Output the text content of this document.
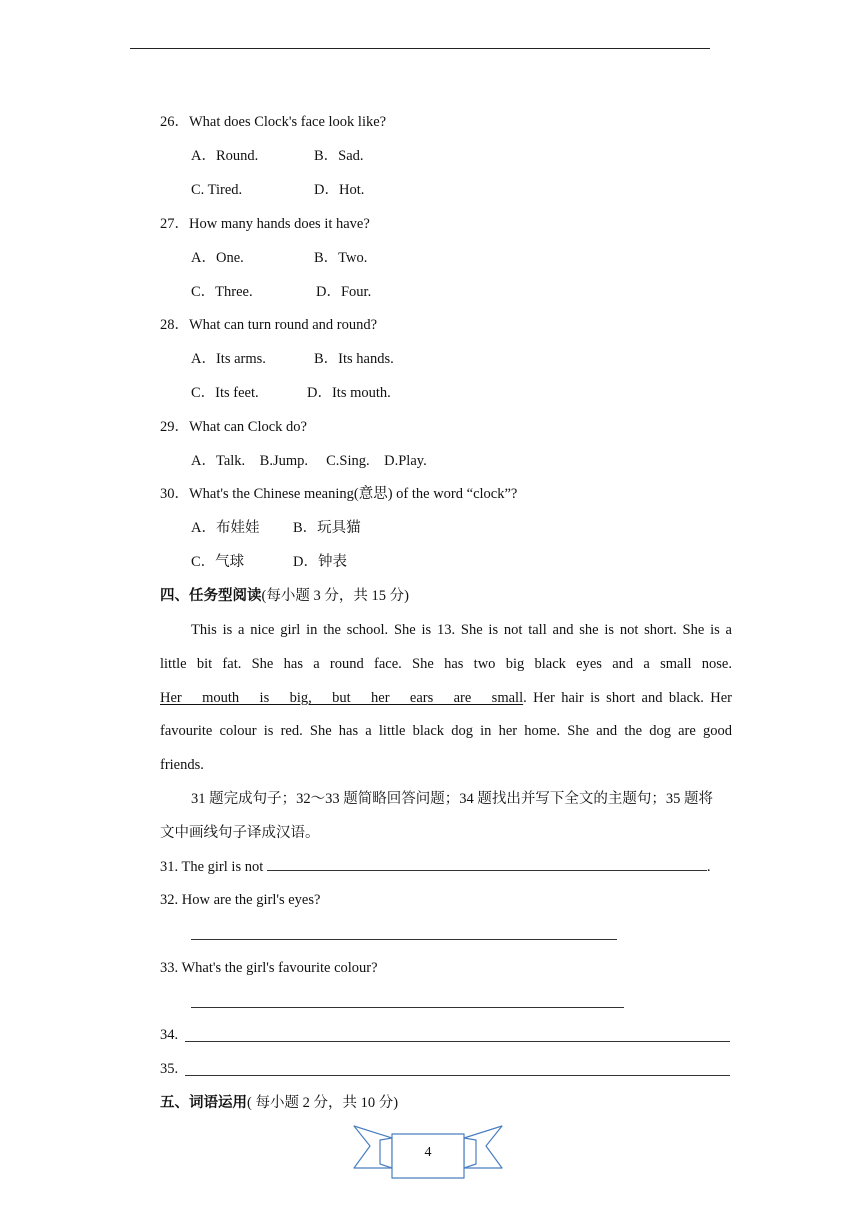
26．What does Clock's face look like?
A．Round.	B．Sad.
C. Tired.	D．Hot.
27．How many hands does it have?
A．One.	B．Two.
C．Three.	D．Four.
28．What can turn round and round?
A．Its arms.	B．Its hands.
C．Its feet.	D．Its mouth.
29．What can Clock do?
A．Talk.    B.Jump.     C.Sing.    D.Play.
30．What's the Chinese meaning(意思) of the word “clock”?
A．布娃娃 B．玩具猫
C．气球	D．钟表
四、任务型阅读(每小题 3 分，共 15 分)
This is a nice girl in the school. She is 13. She is not tall and she is not short. She is a
little bit fat. She has a round face. She has two big black eyes and a small nose.
Her mouth is big, but her ears are small. Her hair is short and black. Her
favourite colour is red. She has a little black dog in her home. She and the dog are good
friends.
31 题完成句子；32～33 题简略回答问题；34 题找出并写下全文的主题句；35 题将
文中画线句子译成汉语。
31. The girl is not	.
32. How are the girl's eyes?
33. What's the girl's favourite colour?
34.
35.
五、词语运用( 每小题 2 分，共 10 分)
4
